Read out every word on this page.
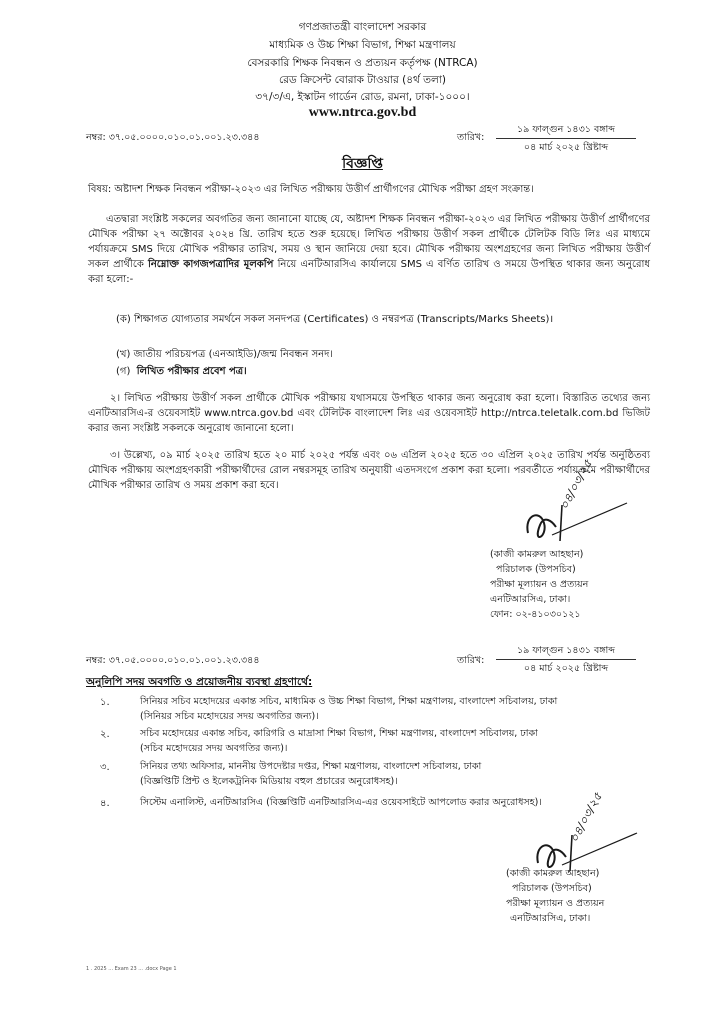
গণপ্রজাতন্ত্রী বাংলাদেশ সরকার
মাধ্যমিক ও উচ্চ শিক্ষা বিভাগ, শিক্ষা মন্ত্রণালয়
বেসরকারি শিক্ষক নিবন্ধন ও প্রত্যয়ন কর্তৃপক্ষ (NTRCA)
রেড ক্রিসেন্ট বোরাক টাওয়ার (৪র্থ তলা)
৩৭/৩/এ, ইস্কাটন গার্ডেন রোড, রমনা, ঢাকা-১০০০।
www.ntrca.gov.bd
নম্বর: ৩৭.০৫.০০০০.০১০.০১.০০১.২৩.৩৪৪	তারিখ:
১৯ ফাল্গুন ১৪৩১ বঙ্গাব্দ
০৪ মার্চ ২০২৫ খ্রিষ্টাব্দ
বিজ্ঞপ্তি
বিষয়: অষ্টাদশ শিক্ষক নিবন্ধন পরীক্ষা-২০২৩ এর লিখিত পরীক্ষায় উত্তীর্ণ প্রার্থীগণের মৌখিক পরীক্ষা গ্রহণ সংক্রান্ত।
এতদ্বারা সংশ্লিষ্ট সকলের অবগতির জন্য জানানো যাচ্ছে যে, অষ্টাদশ শিক্ষক নিবন্ধন পরীক্ষা-২০২৩ এর লিখিত পরীক্ষায় উত্তীর্ণ প্রার্থীগণের মৌখিক পরীক্ষা ২৭ অক্টোবর ২০২৪ খ্রি. তারিখ হতে শুরু হয়েছে। লিখিত পরীক্ষায় উত্তীর্ণ সকল প্রার্থীকে টেলিটক বিডি লিঃ এর মাধ্যমে পর্যায়ক্রমে SMS দিয়ে মৌখিক পরীক্ষার তারিখ, সময় ও স্থান জানিয়ে দেয়া হবে। মৌখিক পরীক্ষায় অংশগ্রহণের জন্য লিখিত পরীক্ষায় উত্তীর্ণ সকল প্রার্থীকে নিম্নোক্ত কাগজপত্রাদির মূলকপি নিয়ে এনটিআরসিএ কার্যালয়ে SMS এ বর্ণিত তারিখ ও সময়ে উপস্থিত থাকার জন্য অনুরোধ করা হলো:-
(ক) শিক্ষাগত যোগ্যতার সমর্থনে সকল সনদপত্র (Certificates) ও নম্বরপত্র (Transcripts/Marks Sheets)।
(খ) জাতীয় পরিচয়পত্র (এনআইডি)/জন্ম নিবন্ধন সনদ।
(গ) লিখিত পরীক্ষার প্রবেশ পত্র।
২। লিখিত পরীক্ষায় উত্তীর্ণ সকল প্রার্থীকে মৌখিক পরীক্ষায় যথাসময়ে উপস্থিত থাকার জন্য অনুরোধ করা হলো। বিস্তারিত তথ্যের জন্য এনটিআরসিএ-র ওয়েবসাইট www.ntrca.gov.bd এবং টেলিটক বাংলাদেশ লিঃ এর ওয়েবসাইট http://ntrca.teletalk.com.bd ভিজিট করার জন্য সংশ্লিষ্ট সকলকে অনুরোধ জানানো হলো।
৩। উল্লেখ্য, ০৯ মার্চ ২০২৫ তারিখ হতে ২০ মার্চ ২০২৫ পর্যন্ত এবং ০৬ এপ্রিল ২০২৫ হতে ৩০ এপ্রিল ২০২৫ তারিখ পর্যন্ত অনুষ্ঠিতব্য মৌখিক পরীক্ষায় অংশগ্রহণকারী পরীক্ষার্থীদের রোল নম্বরসমূহ তারিখ অনুযায়ী এতদসংগে প্রকাশ করা হলো। পরবর্তীতে পর্যায়ক্রমে পরীক্ষার্থীদের মৌখিক পরীক্ষার তারিখ ও সময় প্রকাশ করা হবে।	০৪/০৩/২৫
(কাজী কামরুল আহছান)
পরিচালক (উপসচিব)
পরীক্ষা মূল্যায়ন ও প্রত্যয়ন
এনটিআরসিএ, ঢাকা।
ফোন: ০২-৪১০৩০১২১
নম্বর: ৩৭.০৫.০০০০.০১০.০১.০০১.২৩.৩৪৪	তারিখ:
১৯ ফাল্গুন ১৪৩১ বঙ্গাব্দ
০৪ মার্চ ২০২৫ খ্রিষ্টাব্দ
অনুলিপি সদয় অবগতি ও প্রয়োজনীয় ব্যবস্থা গ্রহণার্থে:
১.	সিনিয়র সচিব মহোদয়ের একান্ত সচিব, মাধ্যমিক ও উচ্চ শিক্ষা বিভাগ, শিক্ষা মন্ত্রণালয়, বাংলাদেশ সচিবালয়, ঢাকা
(সিনিয়র সচিব মহোদয়ের সদয় অবগতির জন্য)।
২.	সচিব মহোদয়ের একান্ত সচিব, কারিগরি ও মাদ্রাসা শিক্ষা বিভাগ, শিক্ষা মন্ত্রণালয়, বাংলাদেশ সচিবালয়, ঢাকা
(সচিব মহোদয়ের সদয় অবগতির জন্য)।
৩.	সিনিয়র তথ্য অফিসার, মাননীয় উপদেষ্টার দপ্তর, শিক্ষা মন্ত্রণালয়, বাংলাদেশ সচিবালয়, ঢাকা
(বিজ্ঞপ্তিটি প্রিন্ট ও ইলেকট্রনিক মিডিয়ায় বহুল প্রচারের অনুরোধসহ)।
৪.	সিস্টেম এনালিস্ট, এনটিআরসিএ (বিজ্ঞপ্তিটি এনটিআরসিএ-এর ওয়েবসাইটে আপলোড করার অনুরোধসহ)। ০৪/০৩/২৫
(কাজী কামরুল আহছান)
পরিচালক (উপসচিব)
পরীক্ষা মূল্যায়ন ও প্রত্যয়ন
এনটিআরসিএ, ঢাকা।
1 . 2025 ... Exam 23 ... .docx Page 1
